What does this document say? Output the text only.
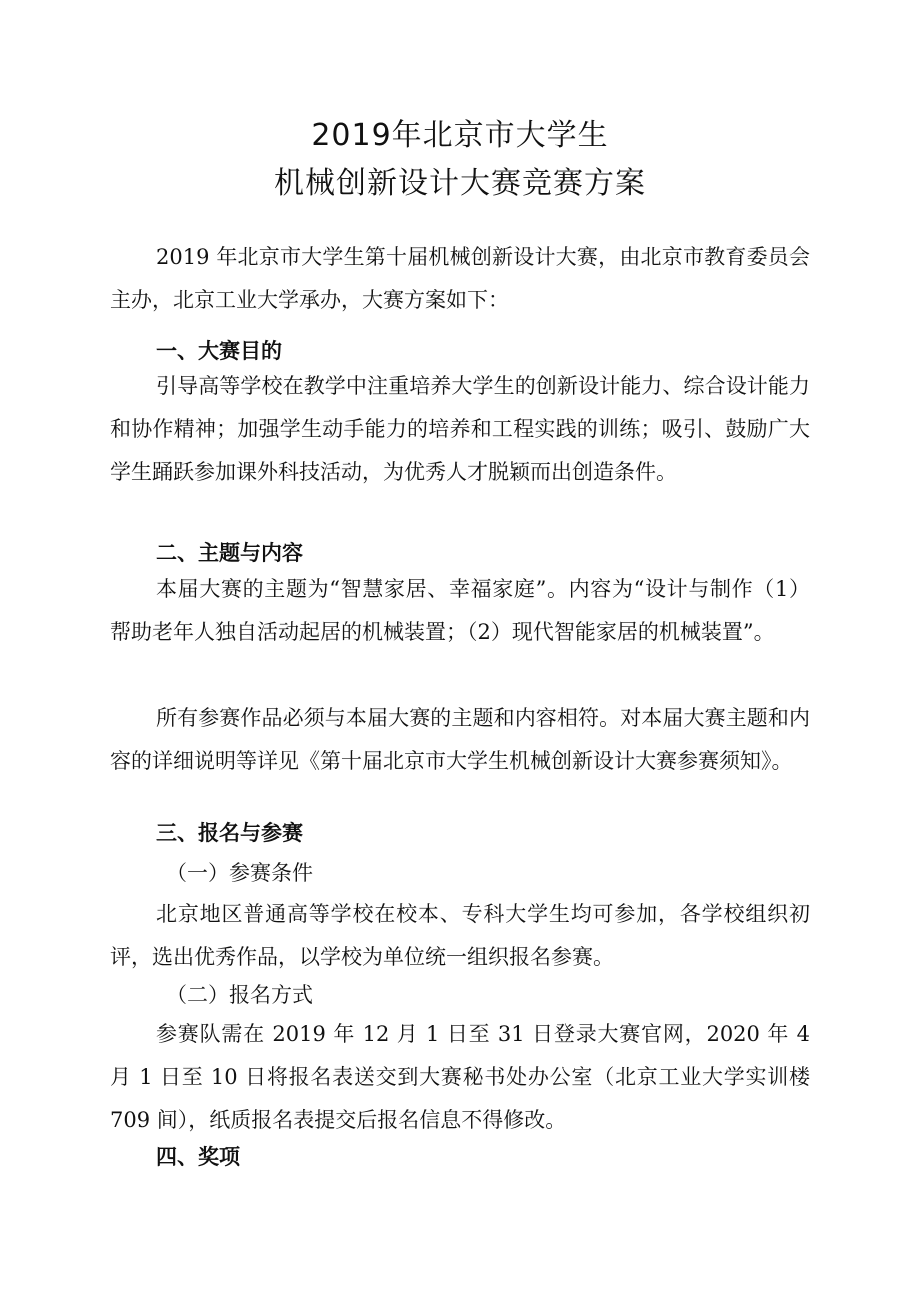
2019年北京市大学生
机械创新设计大赛竞赛方案

2019 年北京市大学生第十届机械创新设计大赛，由北京市教育委员会主办，北京工业大学承办，大赛方案如下：

一、大赛目的

引导高等学校在教学中注重培养大学生的创新设计能力、综合设计能力和协作精神；加强学生动手能力的培养和工程实践的训练；吸引、鼓励广大学生踊跃参加课外科技活动，为优秀人才脱颖而出创造条件。

二、主题与内容

本届大赛的主题为“智慧家居、幸福家庭”。内容为“设计与制作（1）帮助老年人独自活动起居的机械装置；（2）现代智能家居的机械装置”。

所有参赛作品必须与本届大赛的主题和内容相符。对本届大赛主题和内容的详细说明等详见《第十届北京市大学生机械创新设计大赛参赛须知》。

三、报名与参赛
（一）参赛条件

北京地区普通高等学校在校本、专科大学生均可参加，各学校组织初评，选出优秀作品，以学校为单位统一组织报名参赛。

（二）报名方式

参赛队需在 2019 年 12 月 1 日至 31 日登录大赛官网，2020 年 4 月 1 日至 10 日将报名表送交到大赛秘书处办公室（北京工业大学实训楼 709 间），纸质报名表提交后报名信息不得修改。

四、奖项
